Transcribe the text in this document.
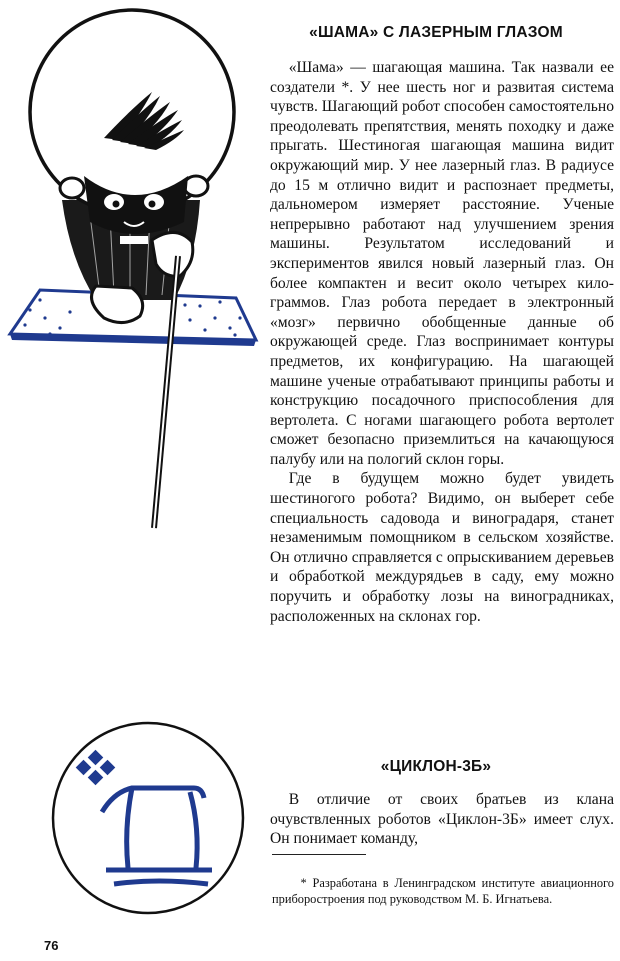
«ШАМА» С ЛАЗЕРНЫМ ГЛАЗОМ

«Шама» — шагающая машина. Так назвали ее создатели *. У нее шесть ног и развитая система чувств. Шагающий робот способен самостоятельно преодолевать препятствия, менять походку и даже прыгать. Шестиногая шагающая машина видит окружающий мир. У нее лазерный глаз. В радиусе до 15 м отлично видит и распознает предметы, дальномером измеряет расстояние. Ученые непрерывно работают над улучшением зрения машины. Результатом исследований и экспериментов явился новый лазерный глаз. Он более компактен и весит около четырех килограммов. Глаз робота передает в электронный «мозг» первично обобщенные данные об окружающей среде. Глаз воспринимает контуры предметов, их конфигурацию. На шагающей машине ученые отрабатывают принципы работы и конструкцию посадочного приспособления для вертолета. С ногами шагающего робота вертолет сможет безопасно приземлиться на качающуюся палубу или на пологий склон горы.

Где в будущем можно будет увидеть шестиногого робота? Видимо, он выберет себе специальность садовода и виноградаря, станет незаменимым помощником в сельском хозяйстве. Он отлично справляется с опрыскиванием деревьев и обработкой междурядьев в саду, ему можно поручить и обработку лозы на виноградниках, расположенных на склонах гор.

«ЦИКЛОН-3Б»

В отличие от своих братьев из клана очувствленных роботов «Циклон-3Б» имеет слух. Он понимает команду,

* Разработана в Ленинградском институте авиационного приборостроения под руководством М. Б. Игнатьева.

76
